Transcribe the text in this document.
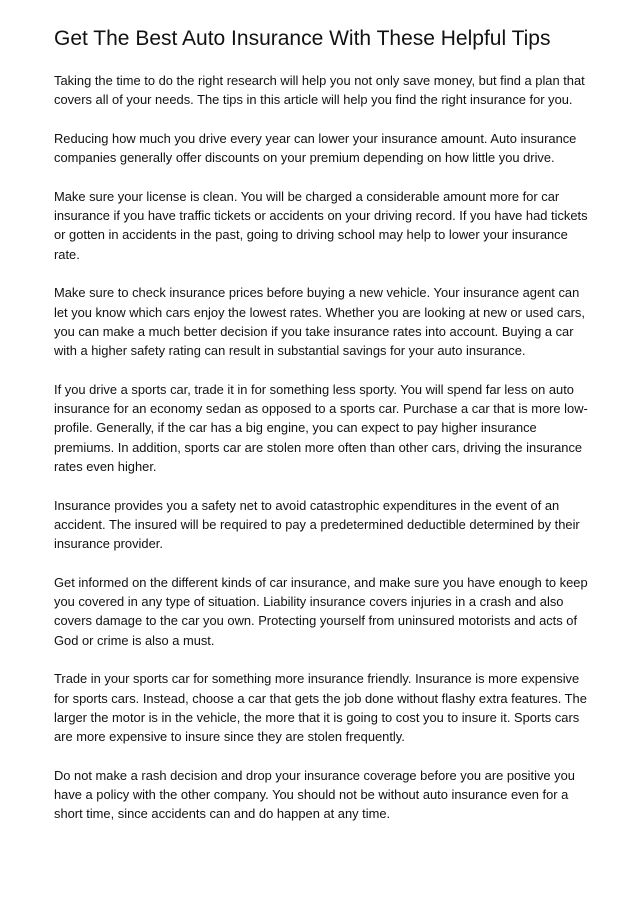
Get The Best Auto Insurance With These Helpful Tips

Taking the time to do the right research will help you not only save money, but find a plan that covers all of your needs. The tips in this article will help you find the right insurance for you.

Reducing how much you drive every year can lower your insurance amount. Auto insurance companies generally offer discounts on your premium depending on how little you drive.

Make sure your license is clean. You will be charged a considerable amount more for car insurance if you have traffic tickets or accidents on your driving record. If you have had tickets or gotten in accidents in the past, going to driving school may help to lower your insurance rate.

Make sure to check insurance prices before buying a new vehicle. Your insurance agent can let you know which cars enjoy the lowest rates. Whether you are looking at new or used cars, you can make a much better decision if you take insurance rates into account. Buying a car with a higher safety rating can result in substantial savings for your auto insurance.

If you drive a sports car, trade it in for something less sporty. You will spend far less on auto insurance for an economy sedan as opposed to a sports car. Purchase a car that is more low-profile. Generally, if the car has a big engine, you can expect to pay higher insurance premiums. In addition, sports car are stolen more often than other cars, driving the insurance rates even higher.

Insurance provides you a safety net to avoid catastrophic expenditures in the event of an accident. The insured will be required to pay a predetermined deductible determined by their insurance provider.

Get informed on the different kinds of car insurance, and make sure you have enough to keep you covered in any type of situation. Liability insurance covers injuries in a crash and also covers damage to the car you own. Protecting yourself from uninsured motorists and acts of God or crime is also a must.

Trade in your sports car for something more insurance friendly. Insurance is more expensive for sports cars. Instead, choose a car that gets the job done without flashy extra features. The larger the motor is in the vehicle, the more that it is going to cost you to insure it. Sports cars are more expensive to insure since they are stolen frequently.

Do not make a rash decision and drop your insurance coverage before you are positive you have a policy with the other company. You should not be without auto insurance even for a short time, since accidents can and do happen at any time.
